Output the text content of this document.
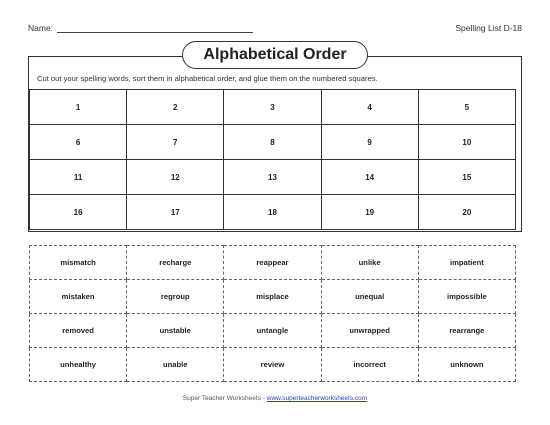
Name:	Spelling List D-18
Cut out your spelling words, sort them in alphabetical order, and glue them on the numbered squares.
Alphabetical Order
1	2	3	4	5
6	7	8	9	10
11	12	13	14	15
16	17	18	19	20
mismatch	recharge	reappear	unlike	impatient
mistaken	regroup	misplace	unequal	impossible
removed	unstable	untangle	unwrapped	rearrange
unhealthy	unable	review	incorrect	unknown
Super Teacher Worksheets - www.superteacherworksheets.com
